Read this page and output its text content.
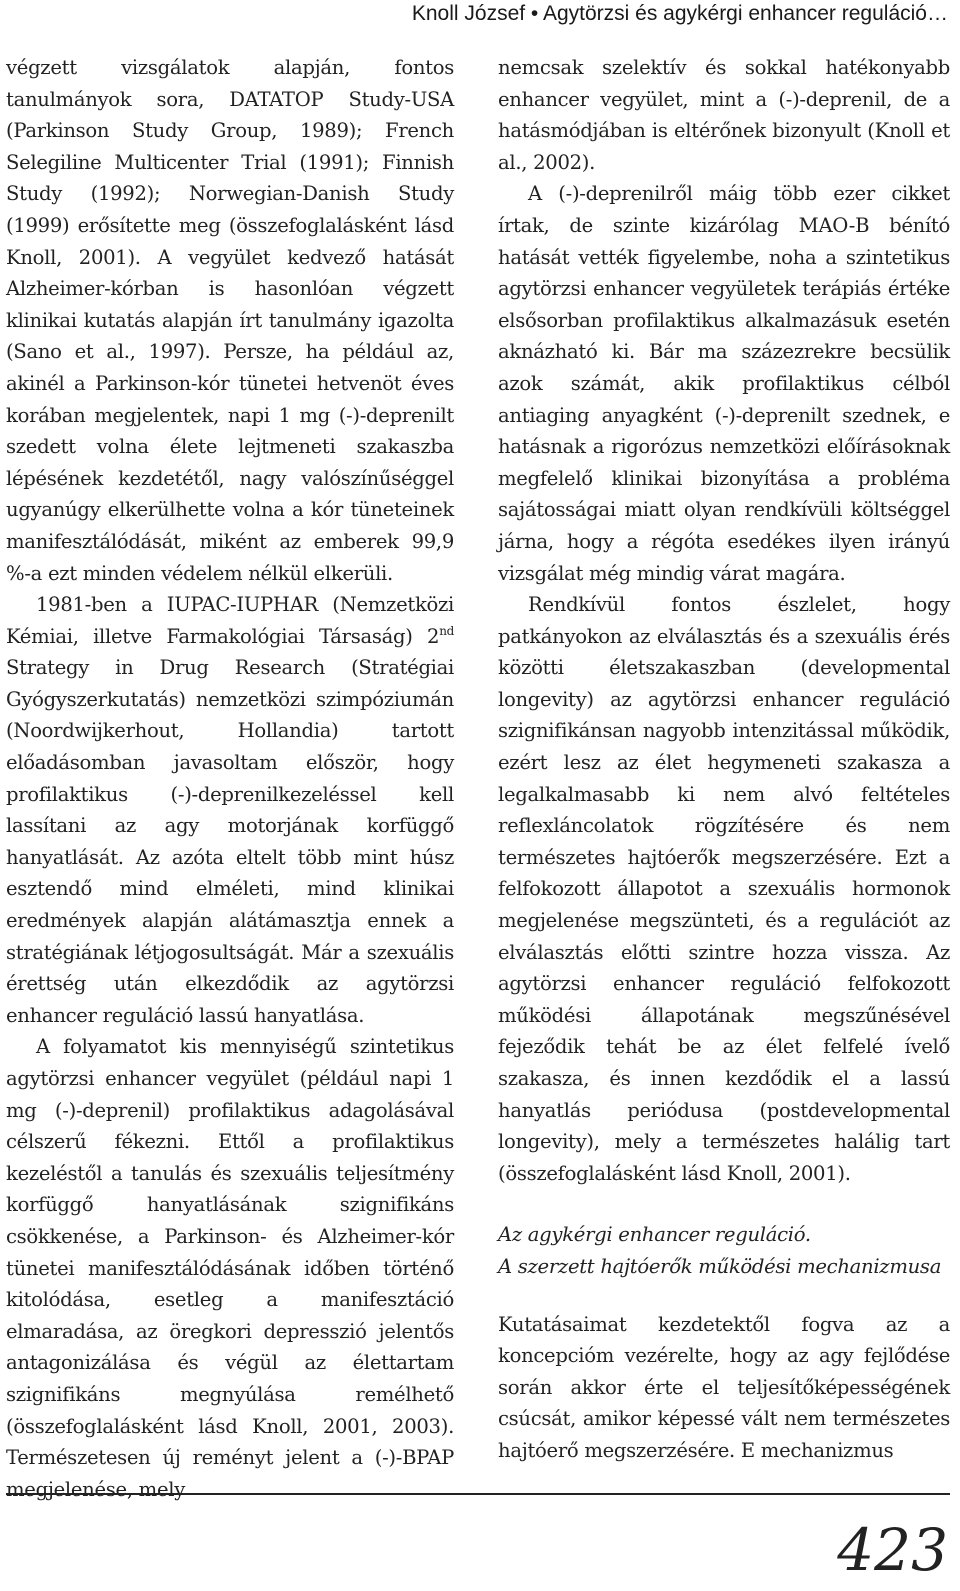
Knoll József • Agytörzsi és agykérgi enhancer reguláció…

végzett vizsgálatok alapján, fontos tanulmányok sora, DATATOP Study-USA (Parkinson Study Group, 1989); French Selegiline Multicenter Trial (1991); Finnish Study (1992); Norwegian-Danish Study (1999) erősítette meg (összefoglalásként lásd Knoll, 2001). A vegyület kedvező hatását Alzheimer-kórban is hasonlóan végzett klinikai kutatás alapján írt tanulmány igazolta (Sano et al., 1997). Persze, ha például az, akinél a Parkinson-kór tünetei hetvenöt éves korában megjelentek, napi 1 mg (-)-deprenilt szedett volna élete lejtmeneti szakaszba lépésének kezdetétől, nagy valószínűséggel ugyanúgy elkerülhette volna a kór tüneteinek manifesztálódását, miként az emberek 99,9 %-a ezt minden védelem nélkül elkerüli.

1981-ben a IUPAC-IUPHAR (Nemzetközi Kémiai, illetve Farmakológiai Társaság) 2nd Strategy in Drug Research (Stratégiai Gyógyszerkutatás) nemzetközi szimpóziumán (Noordwijkerhout, Hollandia) tartott előadásomban javasoltam először, hogy profilaktikus (-)-deprenilkezeléssel kell lassítani az agy motorjának korfüggő hanyatlását. Az azóta eltelt több mint húsz esztendő mind elméleti, mind klinikai eredmények alapján alátámasztja ennek a stratégiának létjogosultságát. Már a szexuális érettség után elkezdődik az agytörzsi enhancer reguláció lassú hanyatlása.

A folyamatot kis mennyiségű szintetikus agytörzsi enhancer vegyület (például napi 1 mg (-)-deprenil) profilaktikus adagolásával célszerű fékezni. Ettől a profilaktikus kezeléstől a tanulás és szexuális teljesítmény korfüggő hanyatlásának szignifikáns csökkenése, a Parkinson- és Alzheimer-kór tünetei manifesztálódásának időben történő kitolódása, esetleg a manifesztáció elmaradása, az öregkori depresszió jelentős antagonizálása és végül az élettartam szignifikáns megnyúlása remélhető (összefoglalásként lásd Knoll, 2001, 2003). Természetesen új reményt jelent a (-)-BPAP megjelenése, mely

nemcsak szelektív és sokkal hatékonyabb enhancer vegyület, mint a (-)-deprenil, de a hatásmódjában is eltérőnek bizonyult (Knoll et al., 2002).

A (-)-deprenilről máig több ezer cikket írtak, de szinte kizárólag MAO-B bénító hatását vették figyelembe, noha a szintetikus agytörzsi enhancer vegyületek terápiás értéke elsősorban profilaktikus alkalmazásuk esetén aknázható ki. Bár ma százezrekre becsülik azok számát, akik profilaktikus célból antiaging anyagként (-)-deprenilt szednek, e hatásnak a rigorózus nemzetközi előírásoknak megfelelő klinikai bizonyítása a probléma sajátosságai miatt olyan rendkívüli költséggel járna, hogy a régóta esedékes ilyen irányú vizsgálat még mindig várat magára.

Rendkívül fontos észlelet, hogy patkányokon az elválasztás és a szexuális érés közötti életszakaszban (developmental longevity) az agytörzsi enhancer reguláció szignifikánsan nagyobb intenzitással működik, ezért lesz az élet hegymeneti szakasza a legalkalmasabb ki nem alvó feltételes reflexláncolatok rögzítésére és nem természetes hajtóerők megszerzésére. Ezt a felfokozott állapotot a szexuális hormonok megjelenése megszünteti, és a regulációt az elválasztás előtti szintre hozza vissza. Az agytörzsi enhancer reguláció felfokozott működési állapotának megszűnésével fejeződik tehát be az élet felfelé ívelő szakasza, és innen kezdődik el a lassú hanyatlás periódusa (postdevelopmental longevity), mely a természetes halálig tart (összefoglalásként lásd Knoll, 2001).

Az agykérgi enhancer reguláció.
A szerzett hajtóerők működési mechanizmusa

Kutatásaimat kezdetektől fogva az a koncepcióm vezérelte, hogy az agy fejlődése során akkor érte el teljesítőképességének csúcsát, amikor képessé vált nem természetes hajtóerő megszerzésére. E mechanizmus

423
